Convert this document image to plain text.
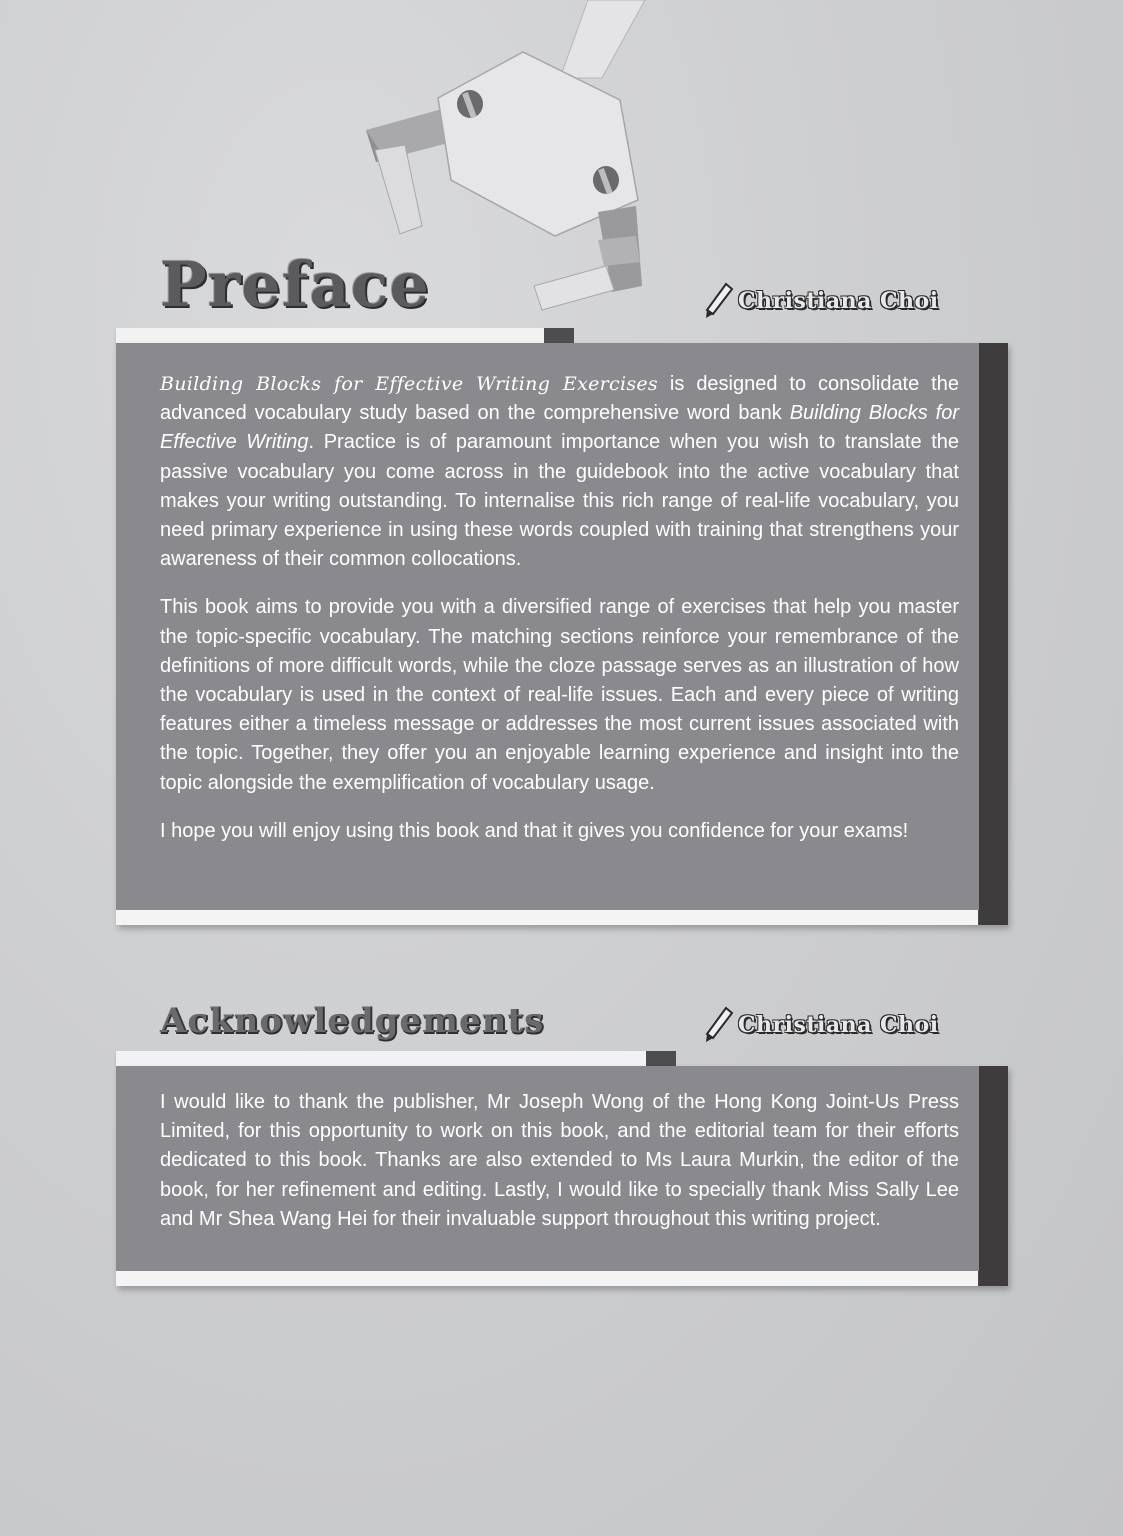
Preface	Christiana Choi

Building Blocks for Effective Writing Exercises is designed to consolidate the advanced vocabulary study based on the comprehensive word bank Building Blocks for Effective Writing. Practice is of paramount importance when you wish to translate the passive vocabulary you come across in the guidebook into the active vocabulary that makes your writing outstanding. To internalise this rich range of real-life vocabulary, you need primary experience in using these words coupled with training that strengthens your awareness of their common collocations.

This book aims to provide you with a diversified range of exercises that help you master the topic-specific vocabulary. The matching sections reinforce your remembrance of the definitions of more difficult words, while the cloze passage serves as an illustration of how the vocabulary is used in the context of real-life issues. Each and every piece of writing features either a timeless message or addresses the most current issues associated with the topic. Together, they offer you an enjoyable learning experience and insight into the topic alongside the exemplification of vocabulary usage.

I hope you will enjoy using this book and that it gives you confidence for your exams!

Acknowledgements	Christiana Choi

I would like to thank the publisher, Mr Joseph Wong of the Hong Kong Joint-Us Press Limited, for this opportunity to work on this book, and the editorial team for their efforts dedicated to this book. Thanks are also extended to Ms Laura Murkin, the editor of the book, for her refinement and editing. Lastly, I would like to specially thank Miss Sally Lee and Mr Shea Wang Hei for their invaluable support throughout this writing project.
